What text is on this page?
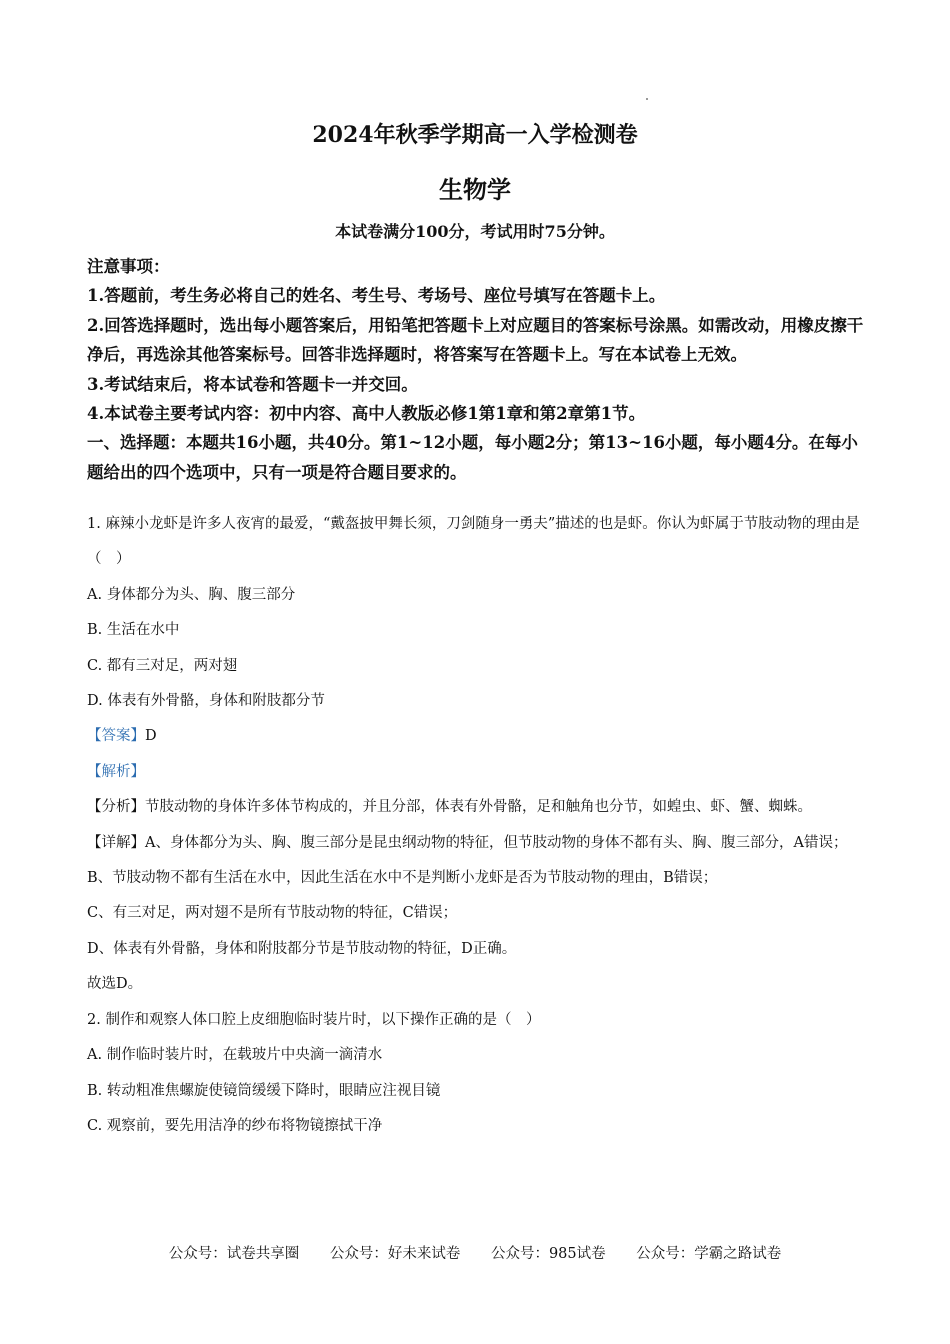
2024年秋季学期高一入学检测卷
生物学
本试卷满分100分，考试用时75分钟。
注意事项：
1.答题前，考生务必将自己的姓名、考生号、考场号、座位号填写在答题卡上。
2.回答选择题时，选出每小题答案后，用铅笔把答题卡上对应题目的答案标号涂黑。如需改动，用橡皮擦干净后，再选涂其他答案标号。回答非选择题时，将答案写在答题卡上。写在本试卷上无效。
3.考试结束后，将本试卷和答题卡一并交回。
4.本试卷主要考试内容：初中内容、高中人教版必修1第1章和第2章第1节。
一、选择题：本题共16小题，共40分。第1~12小题，每小题2分；第13~16小题，每小题4分。在每小题给出的四个选项中，只有一项是符合题目要求的。
1. 麻辣小龙虾是许多人夜宵的最爱，“戴盔披甲舞长须，刀剑随身一勇夫”描述的也是虾。你认为虾属于节肢动物的理由是（　）
A. 身体都分为头、胸、腹三部分
B. 生活在水中
C. 都有三对足，两对翅
D. 体表有外骨骼，身体和附肢都分节
【答案】D
【解析】
【分析】节肢动物的身体许多体节构成的，并且分部，体表有外骨骼，足和触角也分节，如蝗虫、虾、蟹、蜘蛛。
【详解】A、身体都分为头、胸、腹三部分是昆虫纲动物的特征，但节肢动物的身体不都有头、胸、腹三部分，A错误；
B、节肢动物不都有生活在水中，因此生活在水中不是判断小龙虾是否为节肢动物的理由，B错误；
C、有三对足，两对翅不是所有节肢动物的特征，C错误；
D、体表有外骨骼，身体和附肢都分节是节肢动物的特征，D正确。
故选D。
2. 制作和观察人体口腔上皮细胞临时装片时，以下操作正确的是（　）
A. 制作临时装片时，在载玻片中央滴一滴清水
B. 转动粗准焦螺旋使镜筒缓缓下降时，眼睛应注视目镜
C. 观察前，要先用洁净的纱布将物镜擦拭干净
公众号：试卷共享圈 公众号：好未来试卷 公众号：985试卷 公众号：学霸之路试卷
